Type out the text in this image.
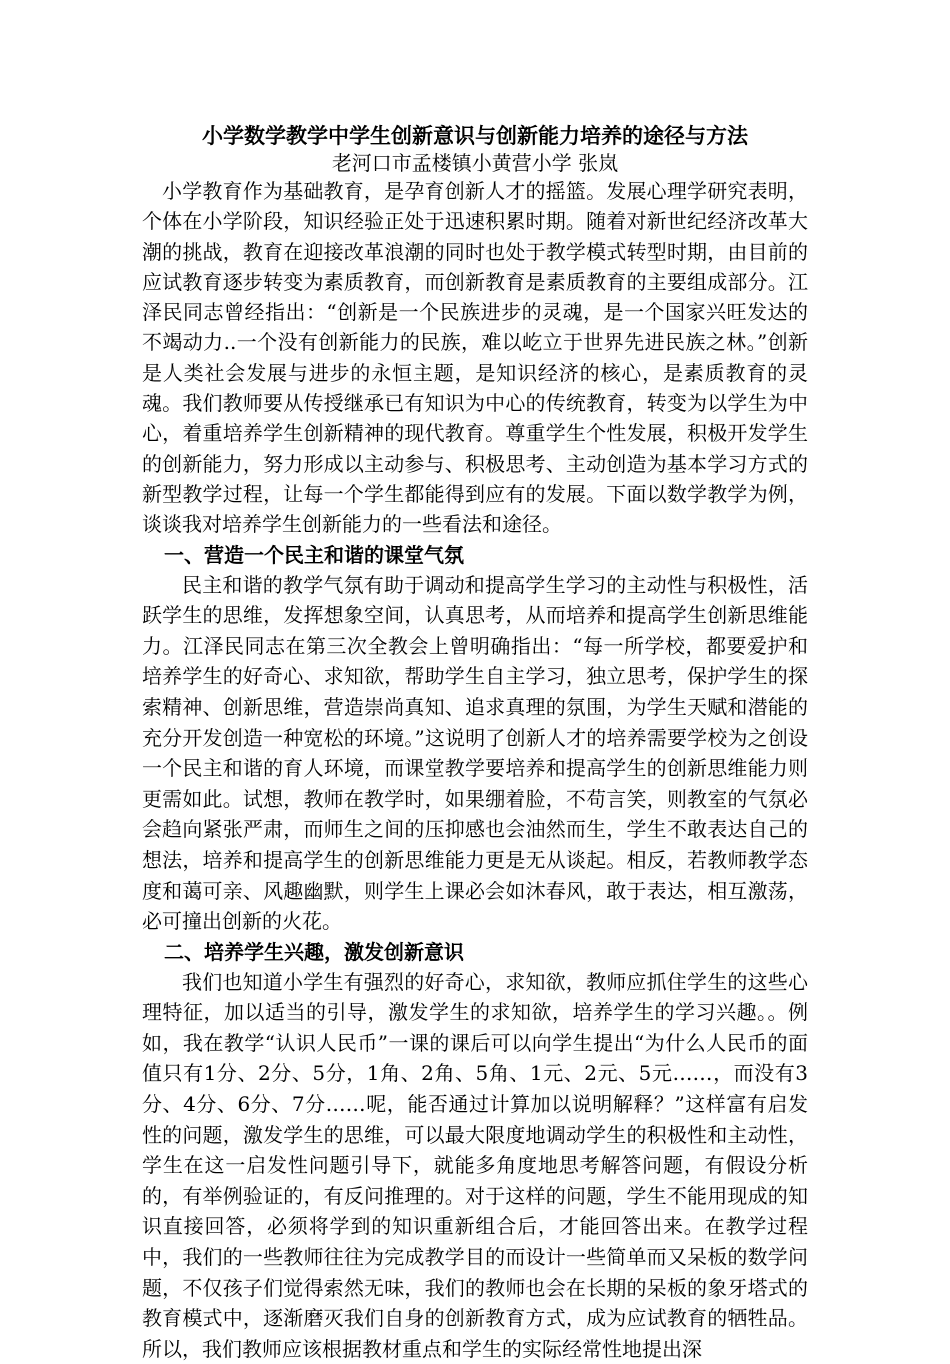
小学数学教学中学生创新意识与创新能力培养的途径与方法

老河口市孟楼镇小黄营小学 张岚

小学教育作为基础教育，是孕育创新人才的摇篮。发展心理学研究表明，个体在小学阶段，知识经验正处于迅速积累时期。随着对新世纪经济改革大潮的挑战，教育在迎接改革浪潮的同时也处于教学模式转型时期，由目前的应试教育逐步转变为素质教育，而创新教育是素质教育的主要组成部分。江泽民同志曾经指出：“创新是一个民族进步的灵魂，是一个国家兴旺发达的不竭动力..一个没有创新能力的民族，难以屹立于世界先进民族之林。”创新是人类社会发展与进步的永恒主题，是知识经济的核心，是素质教育的灵魂。我们教师要从传授继承已有知识为中心的传统教育，转变为以学生为中心，着重培养学生创新精神的现代教育。尊重学生个性发展，积极开发学生的创新能力，努力形成以主动参与、积极思考、主动创造为基本学习方式的新型教学过程，让每一个学生都能得到应有的发展。下面以数学教学为例，谈谈我对培养学生创新能力的一些看法和途径。

一、营造一个民主和谐的课堂气氛

民主和谐的教学气氛有助于调动和提高学生学习的主动性与积极性，活跃学生的思维，发挥想象空间，认真思考，从而培养和提高学生创新思维能力。江泽民同志在第三次全教会上曾明确指出：“每一所学校，都要爱护和培养学生的好奇心、求知欲，帮助学生自主学习，独立思考，保护学生的探索精神、创新思维，营造崇尚真知、追求真理的氛围，为学生天赋和潜能的充分开发创造一种宽松的环境。”这说明了创新人才的培养需要学校为之创设一个民主和谐的育人环境，而课堂教学要培养和提高学生的创新思维能力则更需如此。试想，教师在教学时，如果绷着脸，不苟言笑，则教室的气氛必会趋向紧张严肃，而师生之间的压抑感也会油然而生，学生不敢表达自己的想法，培养和提高学生的创新思维能力更是无从谈起。相反，若教师教学态度和蔼可亲、风趣幽默，则学生上课必会如沐春风，敢于表达，相互激荡，必可撞出创新的火花。

二、培养学生兴趣，激发创新意识

我们也知道小学生有强烈的好奇心，求知欲，教师应抓住学生的这些心理特征，加以适当的引导，激发学生的求知欲，培养学生的学习兴趣。。例如，我在教学“认识人民币”一课的课后可以向学生提出“为什么人民币的面值只有1分、2分、5分，1角、2角、5角、1元、2元、5元……，而没有3分、4分、6分、7分……呢，能否通过计算加以说明解释？”这样富有启发性的问题，激发学生的思维，可以最大限度地调动学生的积极性和主动性，学生在这一启发性问题引导下，就能多角度地思考解答问题，有假设分析的，有举例验证的，有反问推理的。对于这样的问题，学生不能用现成的知识直接回答，必须将学到的知识重新组合后，才能回答出来。在教学过程中，我们的一些教师往往为完成教学目的而设计一些简单而又呆板的数学问题，不仅孩子们觉得索然无味，我们的教师也会在长期的呆板的象牙塔式的教育模式中，逐渐磨灭我们自身的创新教育方式，成为应试教育的牺牲品。所以，我们教师应该根据教材重点和学生的实际经常性地提出深
